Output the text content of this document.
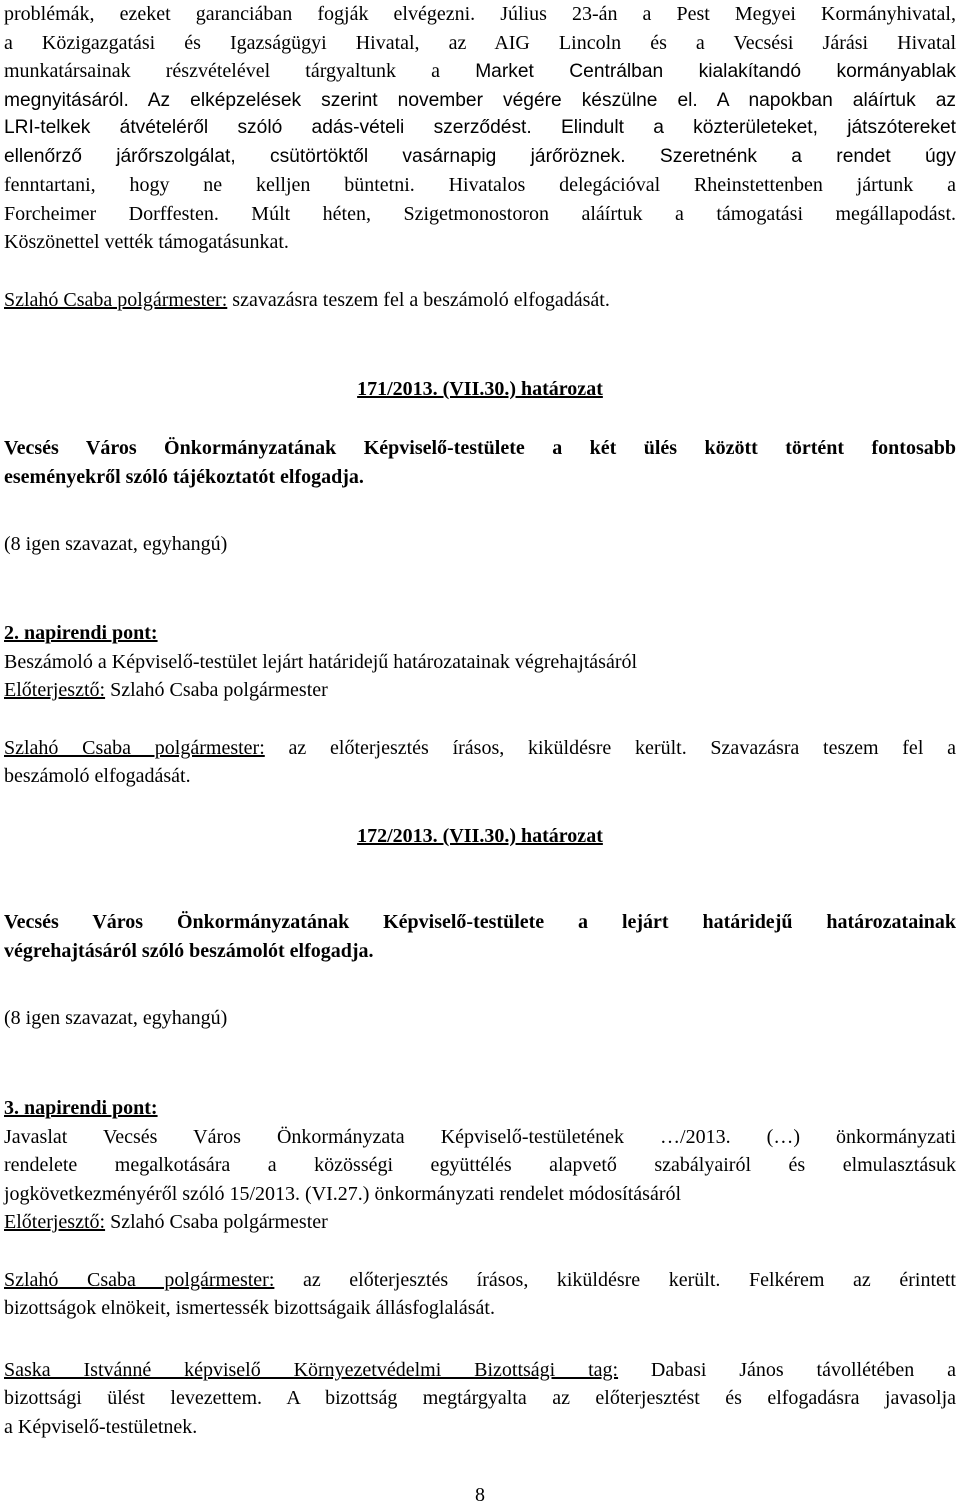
problémák, ezeket garanciában fogják elvégezni. Július 23-án a Pest Megyei Kormányhivatal,
a Közigazgatási és Igazságügyi Hivatal, az AIG Lincoln és a Vecsési Járási Hivatal
munkatársainak részvételével tárgyaltunk a Market Centrálban kialakítandó kormányablak
megnyitásáról. Az elképzelések szerint november végére készülne el. A napokban aláírtuk az
LRI-telkek átvételéről szóló adás-vételi szerződést. Elindult a közterületeket, játszótereket
ellenőrző járőrszolgálat, csütörtöktől vasárnapig járőröznek. Szeretnénk a rendet úgy
fenntartani, hogy ne kelljen büntetni. Hivatalos delegációval Rheinstettenben jártunk a
Forcheimer Dorffesten. Múlt héten, Szigetmonostoron aláírtuk a támogatási megállapodást.
Köszönettel vették támogatásunkat.
Szlahó Csaba polgármester: szavazásra teszem fel a beszámoló elfogadását.
171/2013. (VII.30.) határozat
Vecsés Város Önkormányzatának Képviselő-testülete a két ülés között történt fontosabb
eseményekről szóló tájékoztatót elfogadja.
(8 igen szavazat, egyhangú)
2. napirendi pont:
Beszámoló a Képviselő-testület lejárt határidejű határozatainak végrehajtásáról
Előterjesztő: Szlahó Csaba polgármester
Szlahó Csaba polgármester: az előterjesztés írásos, kiküldésre került. Szavazásra teszem fel a
beszámoló elfogadását.
172/2013. (VII.30.) határozat
Vecsés Város Önkormányzatának Képviselő-testülete a lejárt határidejű határozatainak
végrehajtásáról szóló beszámolót elfogadja.
(8 igen szavazat, egyhangú)
3. napirendi pont:
Javaslat Vecsés Város Önkormányzata Képviselő-testületének …/2013. (…) önkormányzati
rendelete megalkotására a közösségi együttélés alapvető szabályairól és elmulasztásuk
jogkövetkezményéről szóló 15/2013. (VI.27.) önkormányzati rendelet módosításáról
Előterjesztő: Szlahó Csaba polgármester
Szlahó Csaba polgármester: az előterjesztés írásos, kiküldésre került. Felkérem az érintett
bizottságok elnökeit, ismertessék bizottságaik állásfoglalását.
Saska Istvánné képviselő Környezetvédelmi Bizottsági tag: Dabasi János távollétében a
bizottsági ülést levezettem. A bizottság megtárgyalta az előterjesztést és elfogadásra javasolja
a Képviselő-testületnek.
8
